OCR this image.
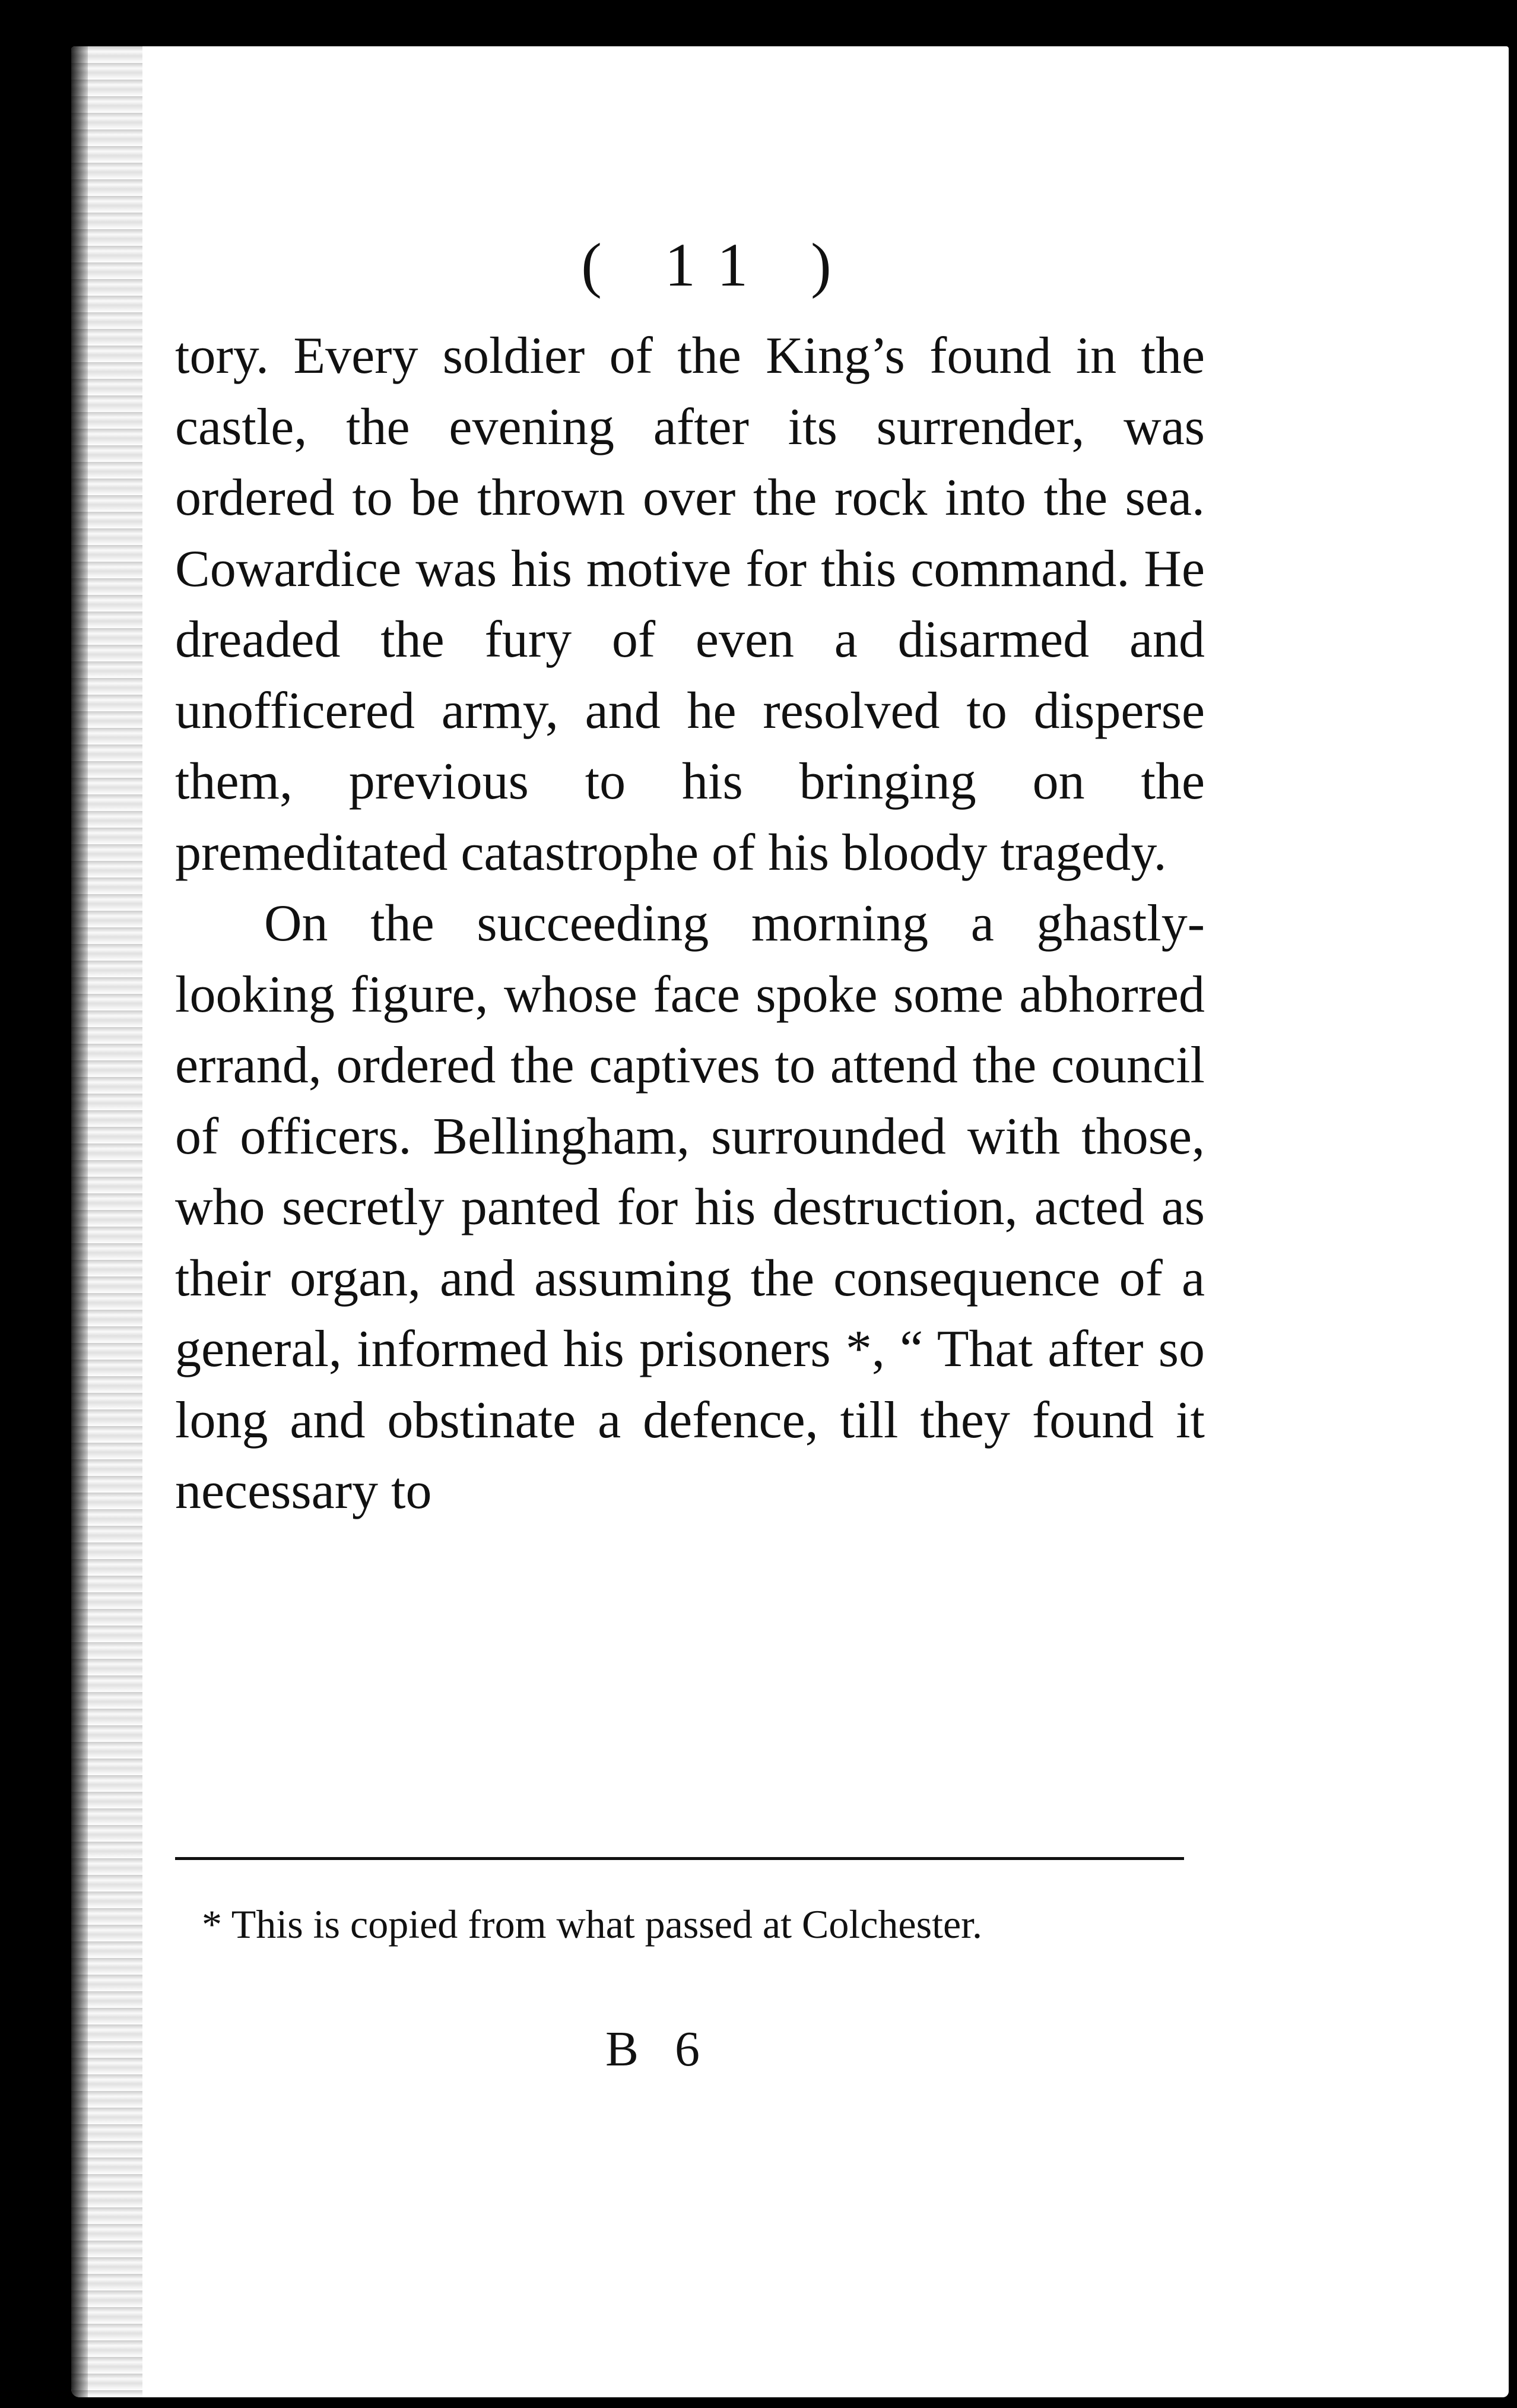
( 11 )

tory. Every soldier of the King’s found in the castle, the evening after its surrender, was ordered to be thrown over the rock into the sea. Cowardice was his motive for this command. He dreaded the fury of even a disarmed and unofficered army, and he resolved to disperse them, previous to his bringing on the premeditated catastrophe of his bloody tragedy.

On the succeeding morning a ghastly-looking figure, whose face spoke some abhorred errand, ordered the captives to attend the council of officers. Bellingham, surrounded with those, who secretly panted for his destruction, acted as their organ, and assuming the consequence of a general, informed his prisoners *, “ That after so long and obstinate a defence, till they found it necessary to

* This is copied from what passed at Colchester.
B 6
